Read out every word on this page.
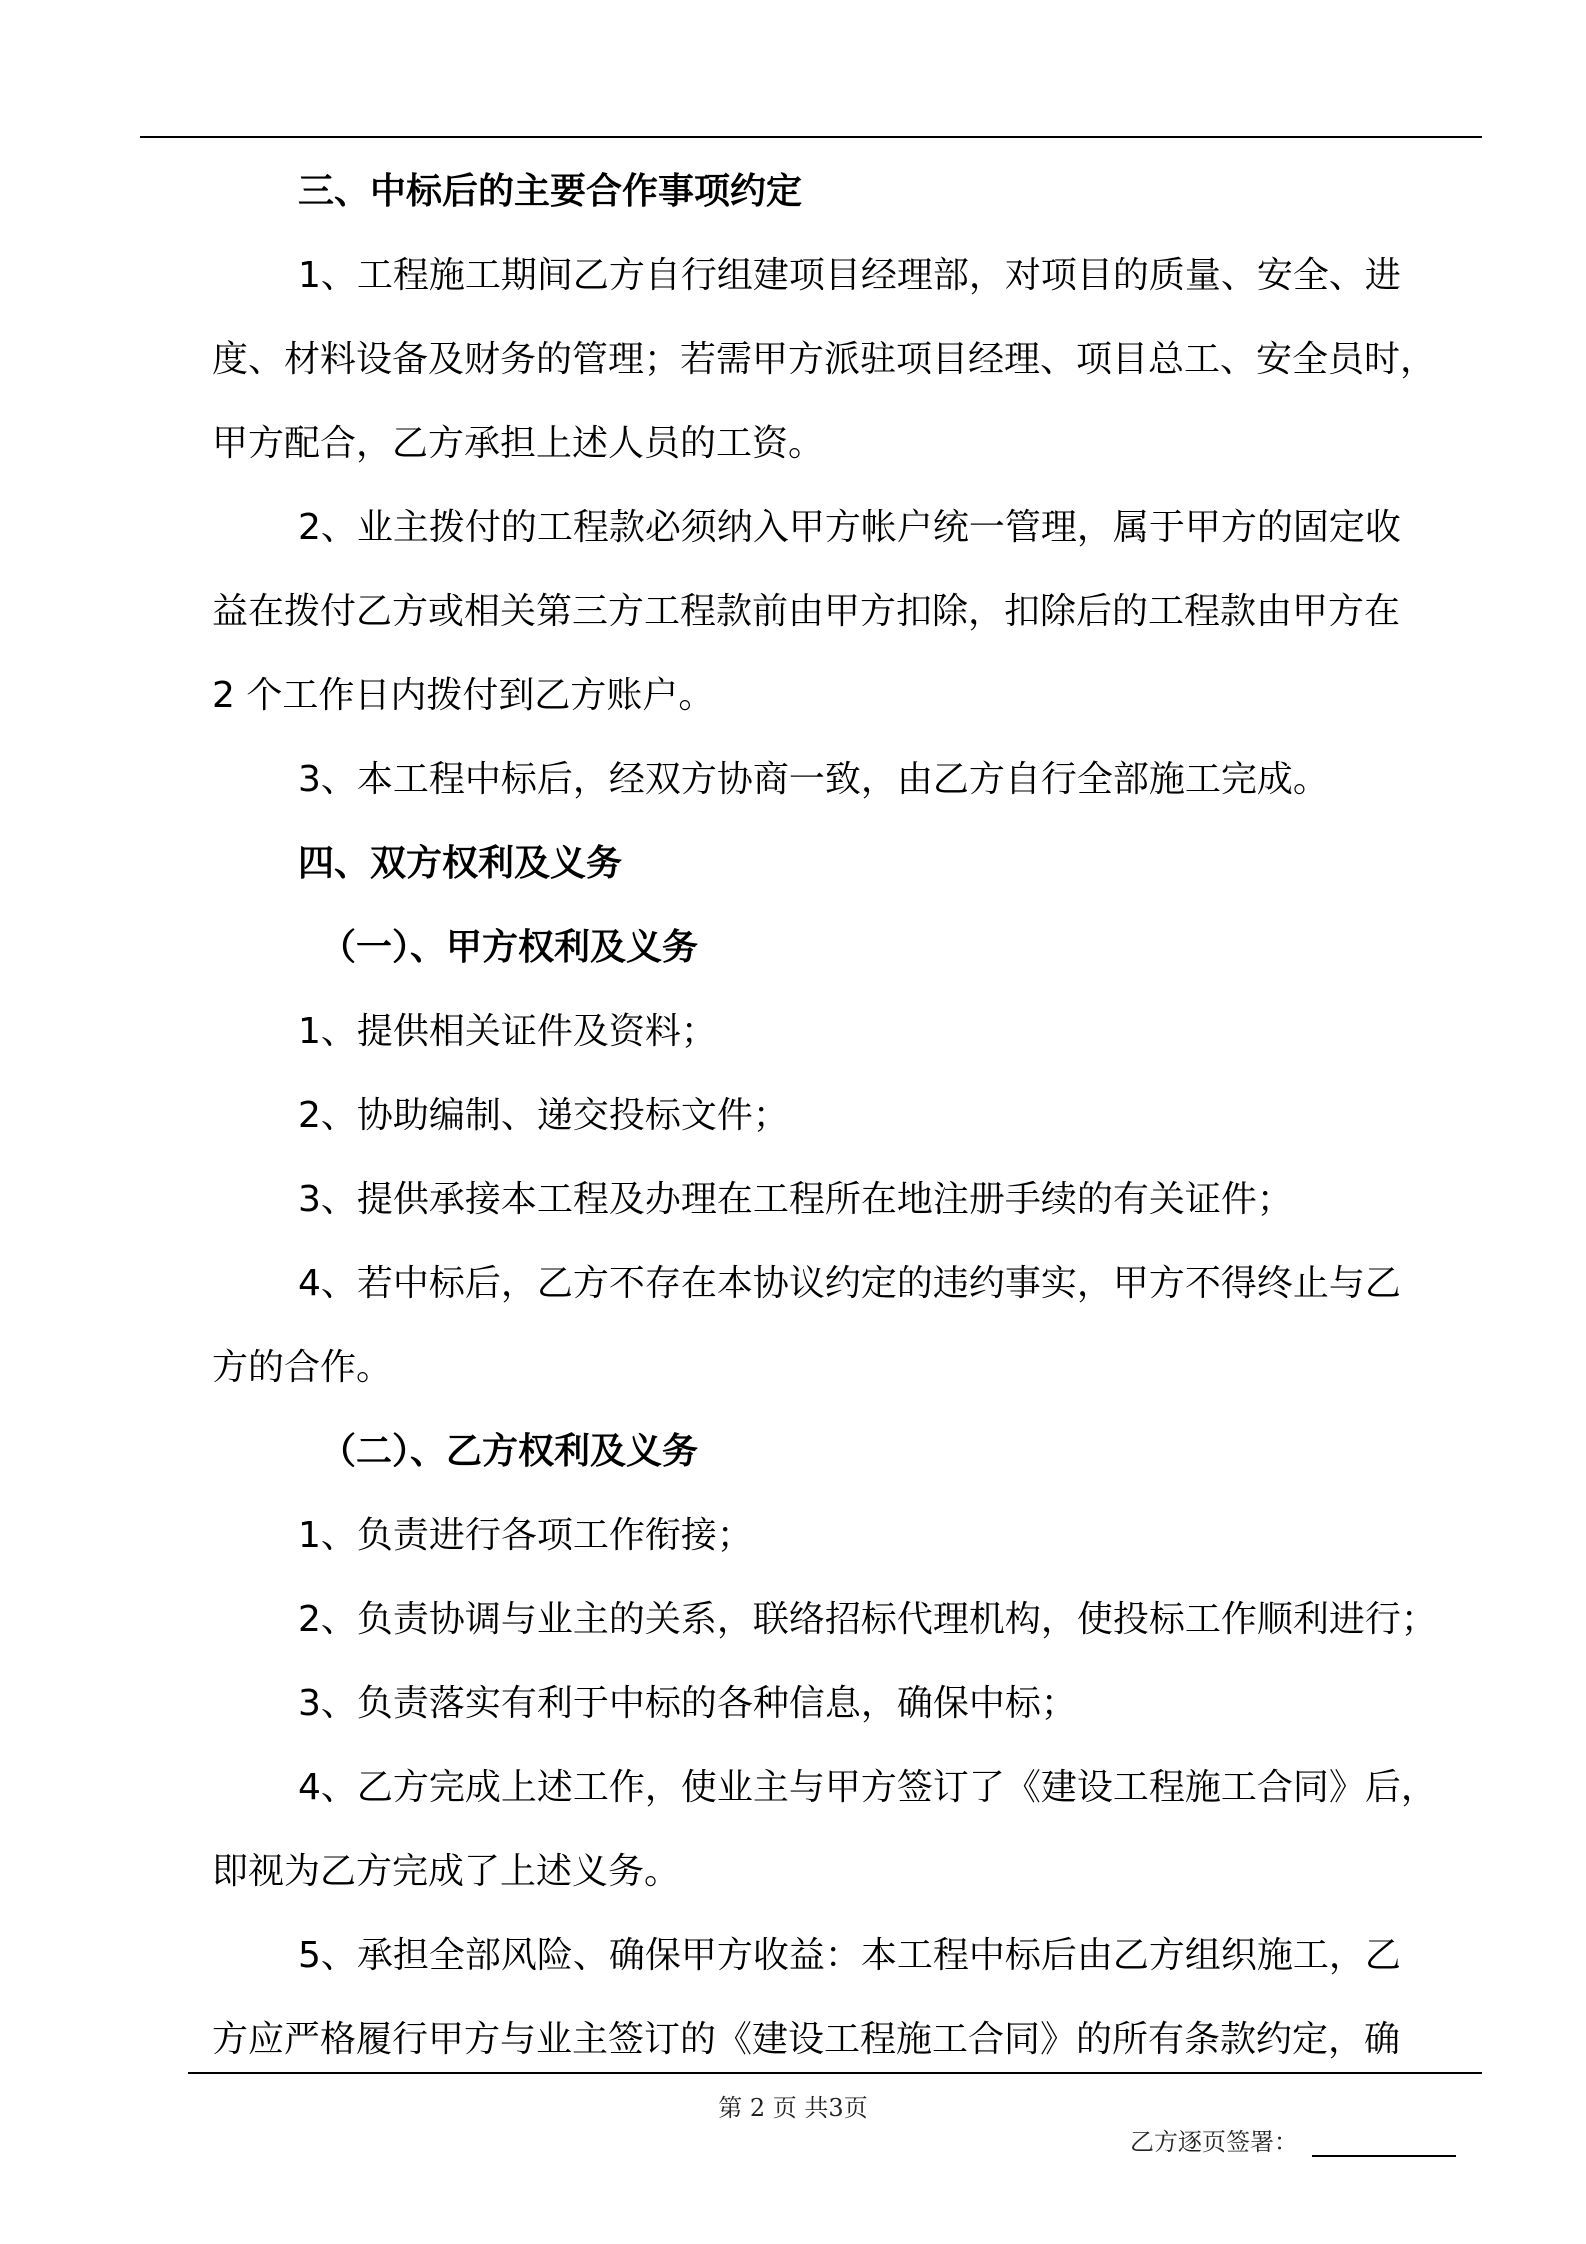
三、中标后的主要合作事项约定
1、工程施工期间乙方自行组建项目经理部，对项目的质量、安全、进
度、材料设备及财务的管理；若需甲方派驻项目经理、项目总工、安全员时，
甲方配合，乙方承担上述人员的工资。
2、业主拨付的工程款必须纳入甲方帐户统一管理，属于甲方的固定收
益在拨付乙方或相关第三方工程款前由甲方扣除，扣除后的工程款由甲方在
2 个工作日内拨付到乙方账户。
3、本工程中标后，经双方协商一致，由乙方自行全部施工完成。
四、双方权利及义务
（一）、甲方权利及义务
1、提供相关证件及资料；
2、协助编制、递交投标文件；
3、提供承接本工程及办理在工程所在地注册手续的有关证件；
4、若中标后，乙方不存在本协议约定的违约事实，甲方不得终止与乙
方的合作。
（二）、乙方权利及义务
1、负责进行各项工作衔接；
2、负责协调与业主的关系，联络招标代理机构，使投标工作顺利进行；
3、负责落实有利于中标的各种信息，确保中标；
4、乙方完成上述工作，使业主与甲方签订了《建设工程施工合同》后，
即视为乙方完成了上述义务。
5、承担全部风险、确保甲方收益：本工程中标后由乙方组织施工，乙
方应严格履行甲方与业主签订的《建设工程施工合同》的所有条款约定，确
第 2 页 共3页
乙方逐页签署：
